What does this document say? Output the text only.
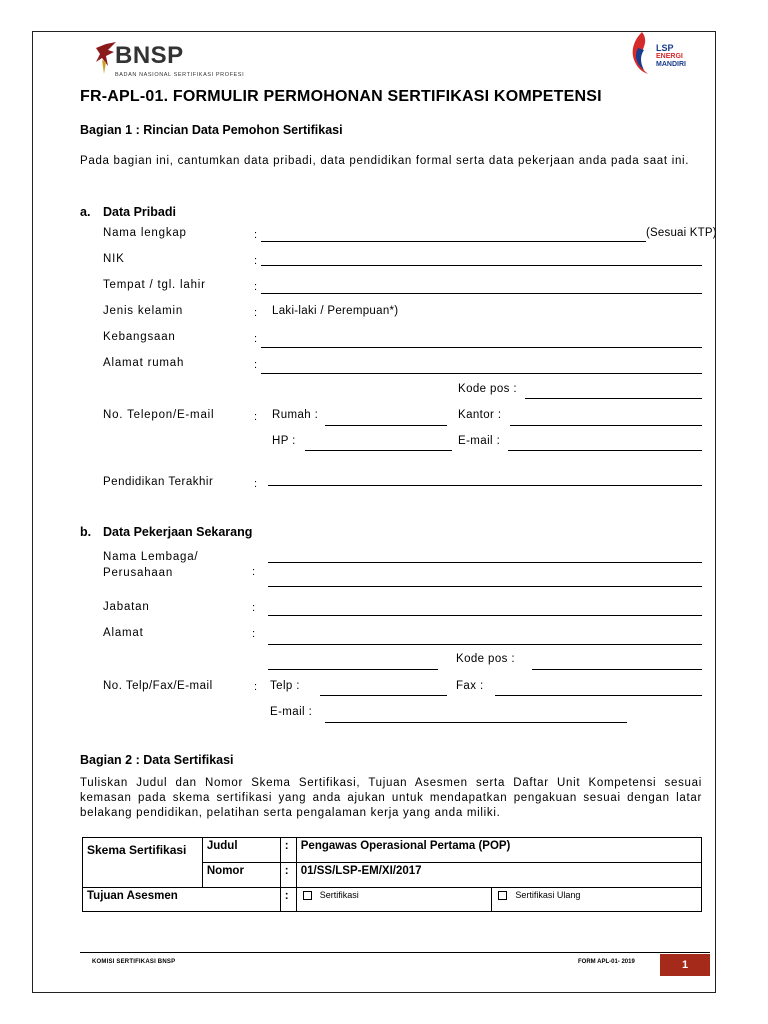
BNSP
BADAN NASIONAL SERTIFIKASI PROFESI
LSP
ENERGI
MANDIRI
FR-APL-01. FORMULIR PERMOHONAN SERTIFIKASI KOMPETENSI
Bagian 1 : Rincian Data Pemohon Sertifikasi
Pada bagian ini, cantumkan data pribadi, data pendidikan formal serta data pekerjaan anda pada saat ini.
a. Data Pribadi
Nama lengkap	:	(Sesuai KTP)
NIK	:
Tempat / tgl. lahir	:
Jenis kelamin	: Laki-laki / Perempuan*)
Kebangsaan	:
Alamat rumah	:
Kode pos :
No. Telepon/E-mail	: Rumah :	Kantor :
HP :	E-mail :
Pendidikan Terakhir	:
b. Data Pekerjaan Sekarang
Nama Lembaga/
Perusahaan	:
Jabatan	:
Alamat	:
Kode pos :
No. Telp/Fax/E-mail	: Telp :	Fax :
E-mail :
Bagian 2 : Data Sertifikasi
Tuliskan Judul dan Nomor Skema Sertifikasi, Tujuan Asesmen serta Daftar Unit Kompetensi sesuai kemasan pada skema sertifikasi yang anda ajukan untuk mendapatkan pengakuan sesuai dengan latar belakang pendidikan, pelatihan serta pengalaman kerja yang anda miliki.
Skema Sertifikasi	Judul	:	Pengawas Operasional Pertama (POP)	
	Nomor	:	01/SS/LSP-EM/XI/2017	
Tujuan Asesmen		:	Sertifikasi	Sertifikasi Ulang
KOMISI SERTIFIKASI BNSP	FORM APL-01- 2019	1
